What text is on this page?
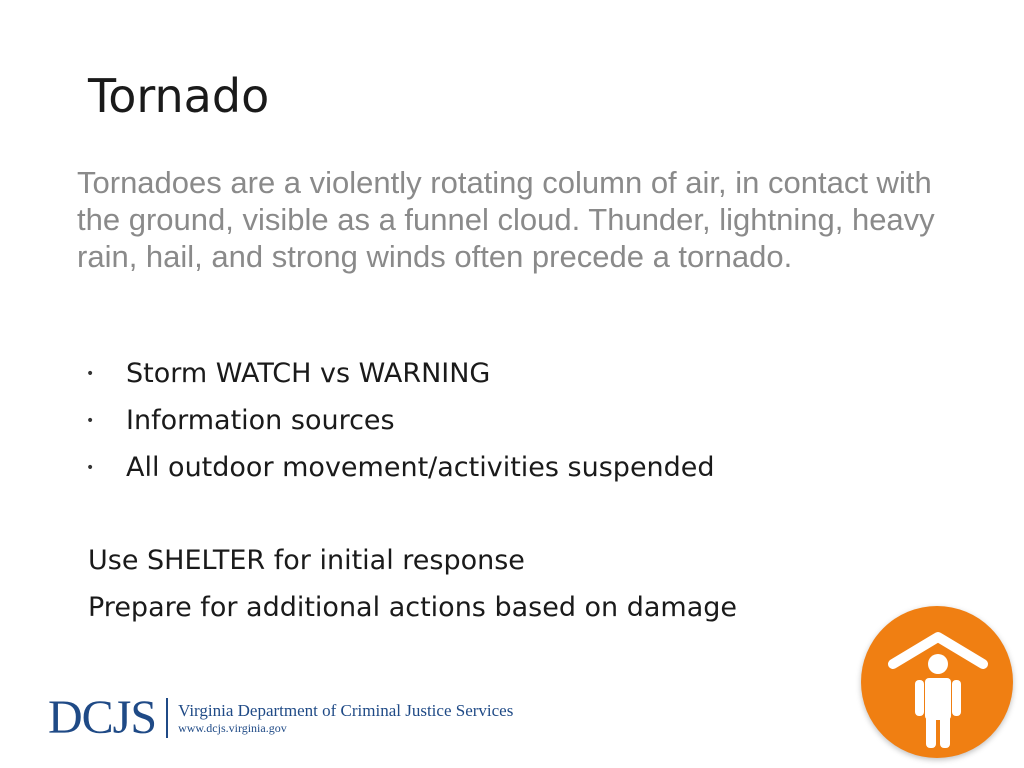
Tornado

Tornadoes are a violently rotating column of air, in contact with the ground, visible as a funnel cloud. Thunder, lightning, heavy rain, hail, and strong winds often precede a tornado.

•	Storm WATCH vs WARNING
•	Information sources
•	All outdoor movement/activities suspended
Use SHELTER for initial response
Prepare for additional actions based on damage
DCJS Virginia Department of Criminal Justice Services
www.dcjs.virginia.gov
